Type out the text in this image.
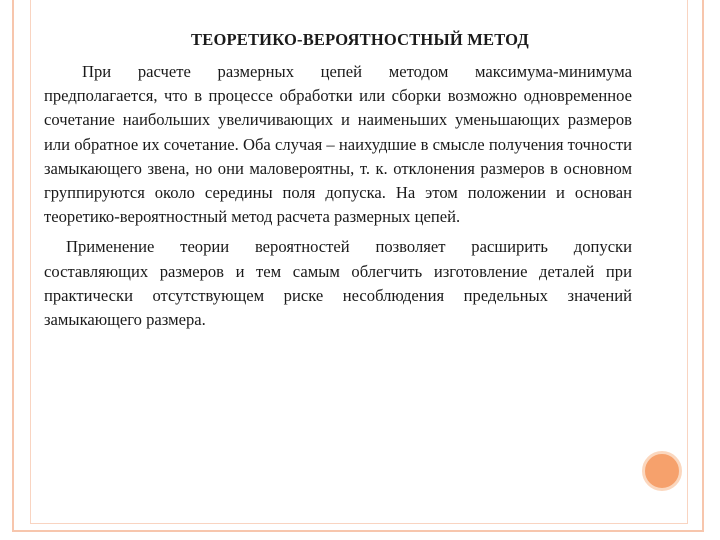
ТЕОРЕТИКО-ВЕРОЯТНОСТНЫЙ МЕТОД

При расчете размерных цепей методом максимума-минимума предполагается, что в процессе обработки или сборки возможно одновременное сочетание наибольших увеличивающих и наименьших уменьшающих размеров или обратное их сочетание. Оба случая – наихудшие в смысле получения точности замыкающего звена, но они маловероятны, т. к. отклонения размеров в основном группируются около середины поля допуска. На этом положении и основан теоретико-вероятностный метод расчета размерных цепей.

Применение теории вероятностей позволяет расширить допуски составляющих размеров и тем самым облегчить изготовление деталей при практически отсутствующем риске несоблюдения предельных значений замыкающего размера.
